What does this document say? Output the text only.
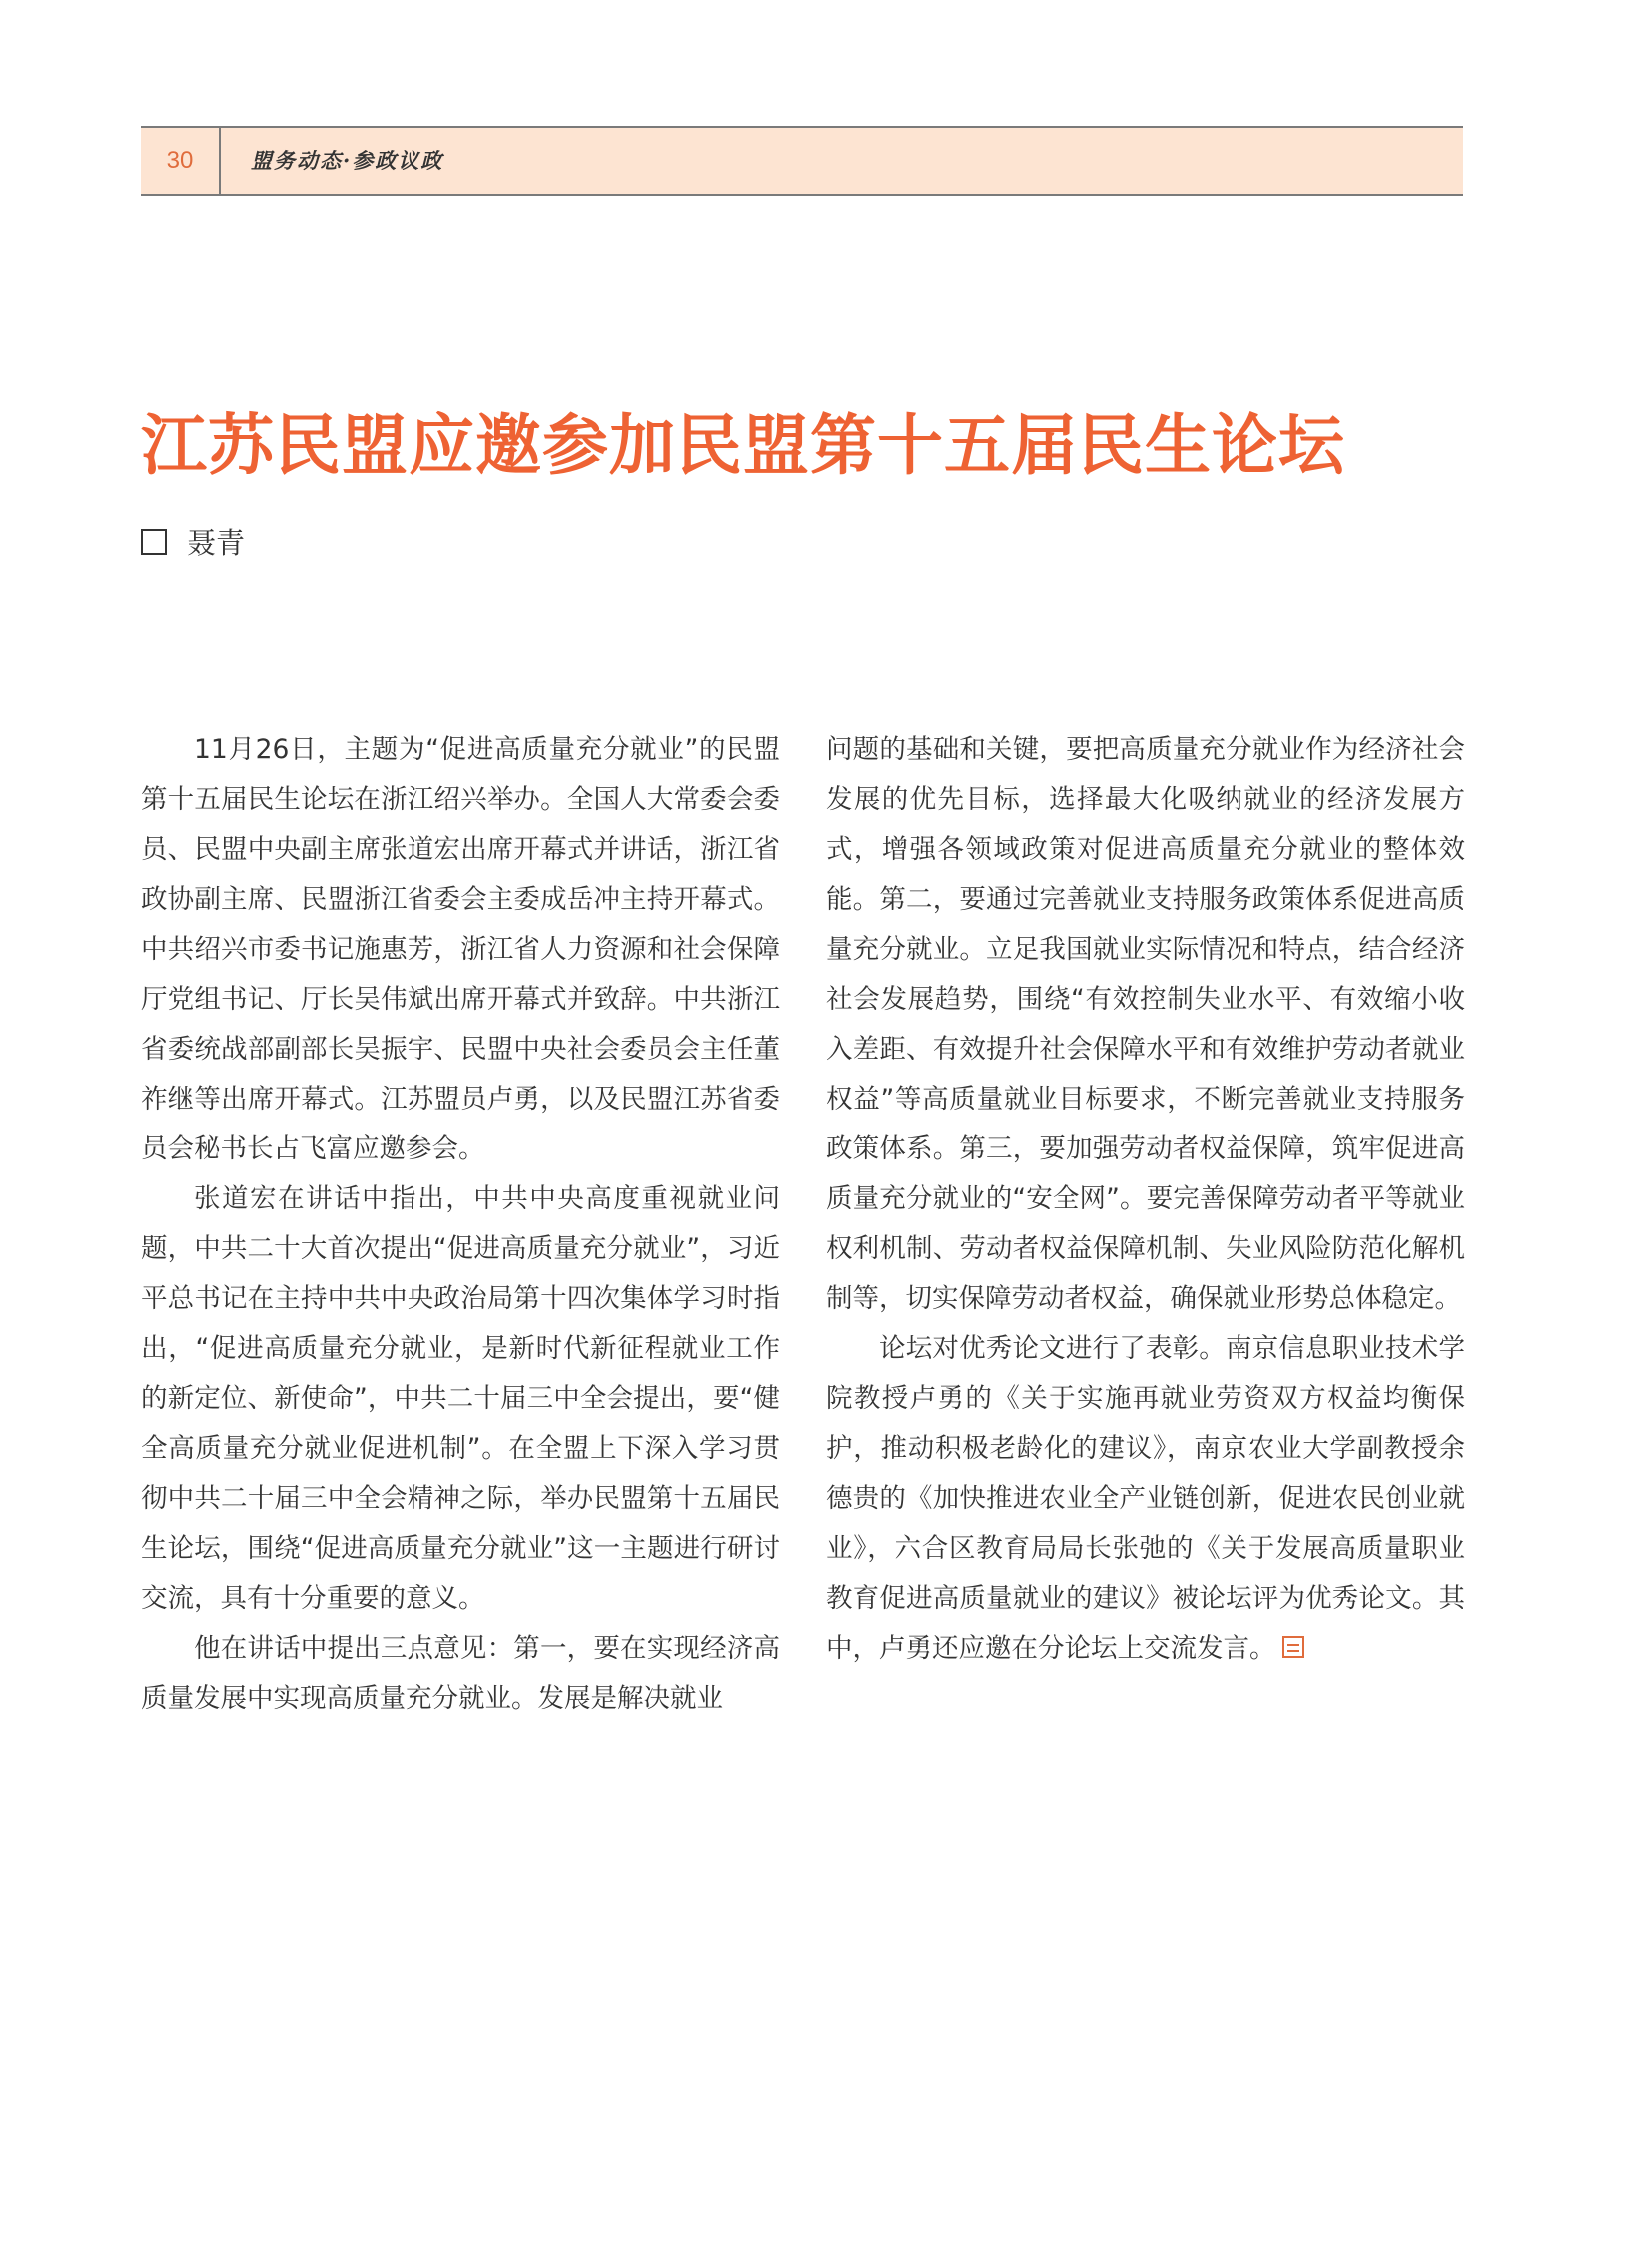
30	盟务动态·参政议政
江苏民盟应邀参加民盟第十五届民生论坛
聂青

11月26日，主题为“促进高质量充分就业”的民盟第十五届民生论坛在浙江绍兴举办。全国人大常委会委员、民盟中央副主席张道宏出席开幕式并讲话，浙江省政协副主席、民盟浙江省委会主委成岳冲主持开幕式。中共绍兴市委书记施惠芳，浙江省人力资源和社会保障厅党组书记、厅长吴伟斌出席开幕式并致辞。中共浙江省委统战部副部长吴振宇、民盟中央社会委员会主任董祚继等出席开幕式。江苏盟员卢勇，以及民盟江苏省委员会秘书长占飞富应邀参会。

张道宏在讲话中指出，中共中央高度重视就业问题，中共二十大首次提出“促进高质量充分就业”，习近平总书记在主持中共中央政治局第十四次集体学习时指出，“促进高质量充分就业，是新时代新征程就业工作的新定位、新使命”，中共二十届三中全会提出，要“健全高质量充分就业促进机制”。在全盟上下深入学习贯彻中共二十届三中全会精神之际，举办民盟第十五届民生论坛，围绕“促进高质量充分就业”这一主题进行研讨交流，具有十分重要的意义。

他在讲话中提出三点意见：第一，要在实现经济高质量发展中实现高质量充分就业。发展是解决就业

问题的基础和关键，要把高质量充分就业作为经济社会发展的优先目标，选择最大化吸纳就业的经济发展方式，增强各领域政策对促进高质量充分就业的整体效能。第二，要通过完善就业支持服务政策体系促进高质量充分就业。立足我国就业实际情况和特点，结合经济社会发展趋势，围绕“有效控制失业水平、有效缩小收入差距、有效提升社会保障水平和有效维护劳动者就业权益”等高质量就业目标要求，不断完善就业支持服务政策体系。第三，要加强劳动者权益保障，筑牢促进高质量充分就业的“安全网”。要完善保障劳动者平等就业权利机制、劳动者权益保障机制、失业风险防范化解机制等，切实保障劳动者权益，确保就业形势总体稳定。

论坛对优秀论文进行了表彰。南京信息职业技术学院教授卢勇的《关于实施再就业劳资双方权益均衡保护，推动积极老龄化的建议》，南京农业大学副教授余德贵的《加快推进农业全产业链创新，促进农民创业就业》，六合区教育局局长张弛的《关于发展高质量职业教育促进高质量就业的建议》被论坛评为优秀论文。其中，卢勇还应邀在分论坛上交流发言。
